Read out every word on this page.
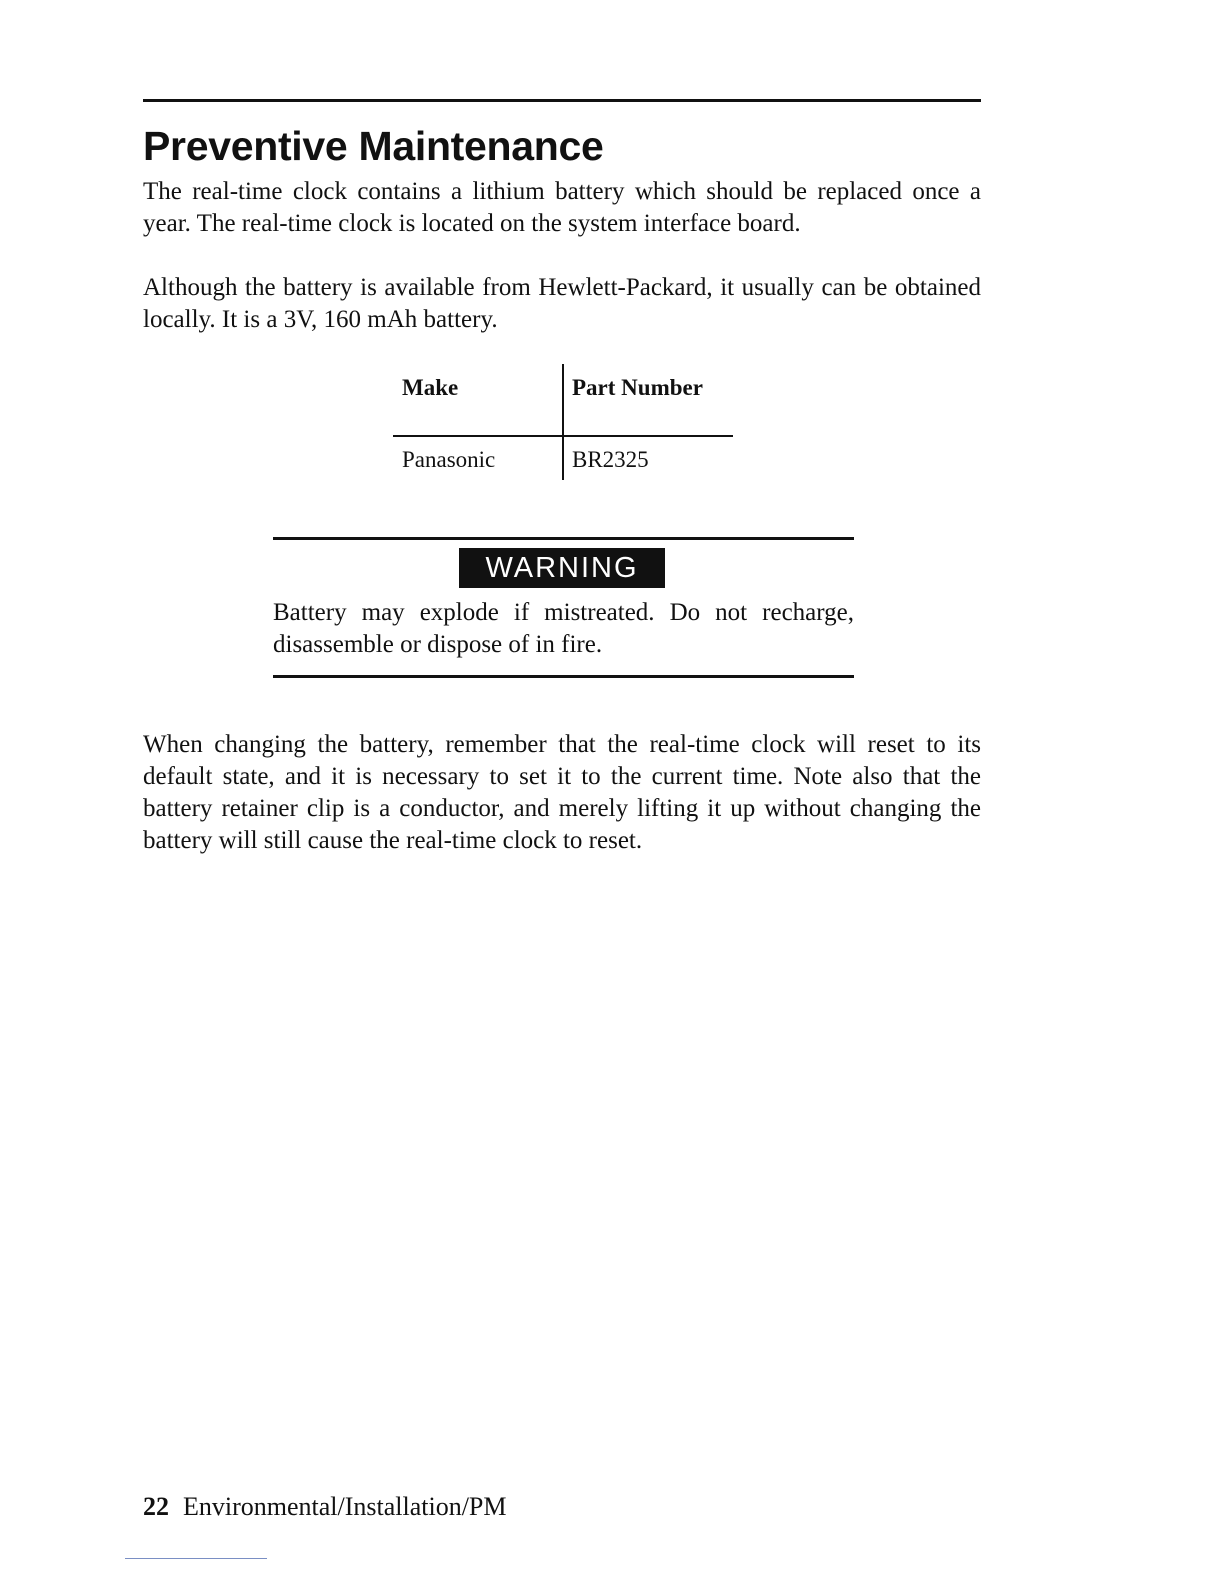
Preventive Maintenance

The real-time clock contains a lithium battery which should be replaced once a year. The real-time clock is located on the system interface board.

Although the battery is available from Hewlett-Packard, it usually can be obtained locally. It is a 3V, 160 mAh battery.

Make	Part Number
Panasonic	BR2325
WARNING

Battery may explode if mistreated. Do not recharge, disassemble or dispose of in fire.

When changing the battery, remember that the real-time clock will reset to its default state, and it is necessary to set it to the current time. Note also that the battery retainer clip is a conductor, and merely lifting it up without changing the battery will still cause the real-time clock to reset.

22 Environmental/Installation/PM
